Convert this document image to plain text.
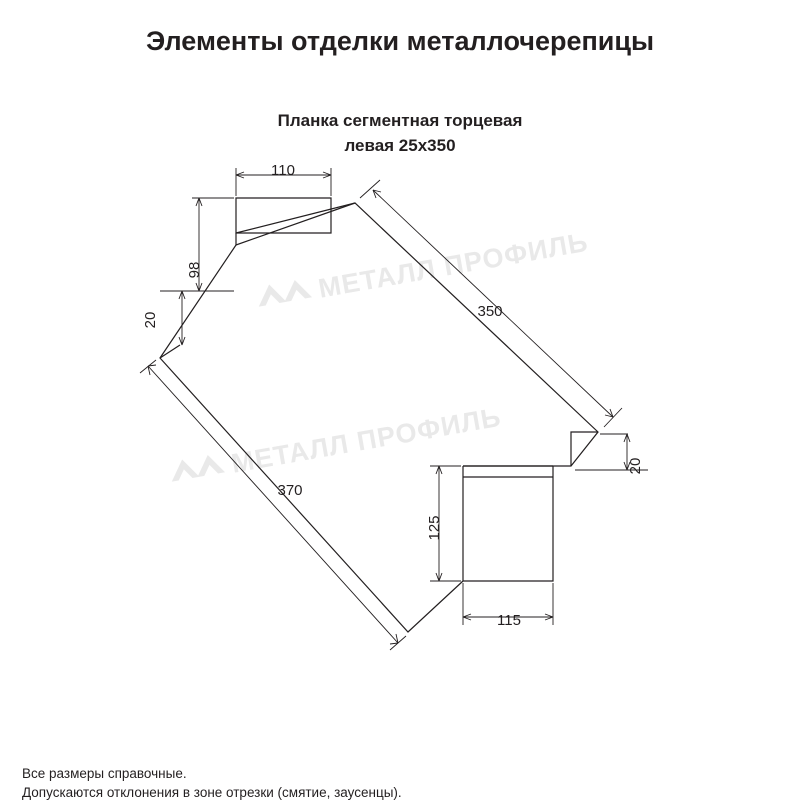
Элементы отделки металлочерепицы
Планка сегментная торцевая
левая 25х350
МЕТАЛЛ ПРОФИЛЬ
МЕТАЛЛ ПРОФИЛЬ
110
98
20	350
20
370
125
115
Все размеры справочные.
Допускаются отклонения в зоне отрезки (смятие, заусенцы).
